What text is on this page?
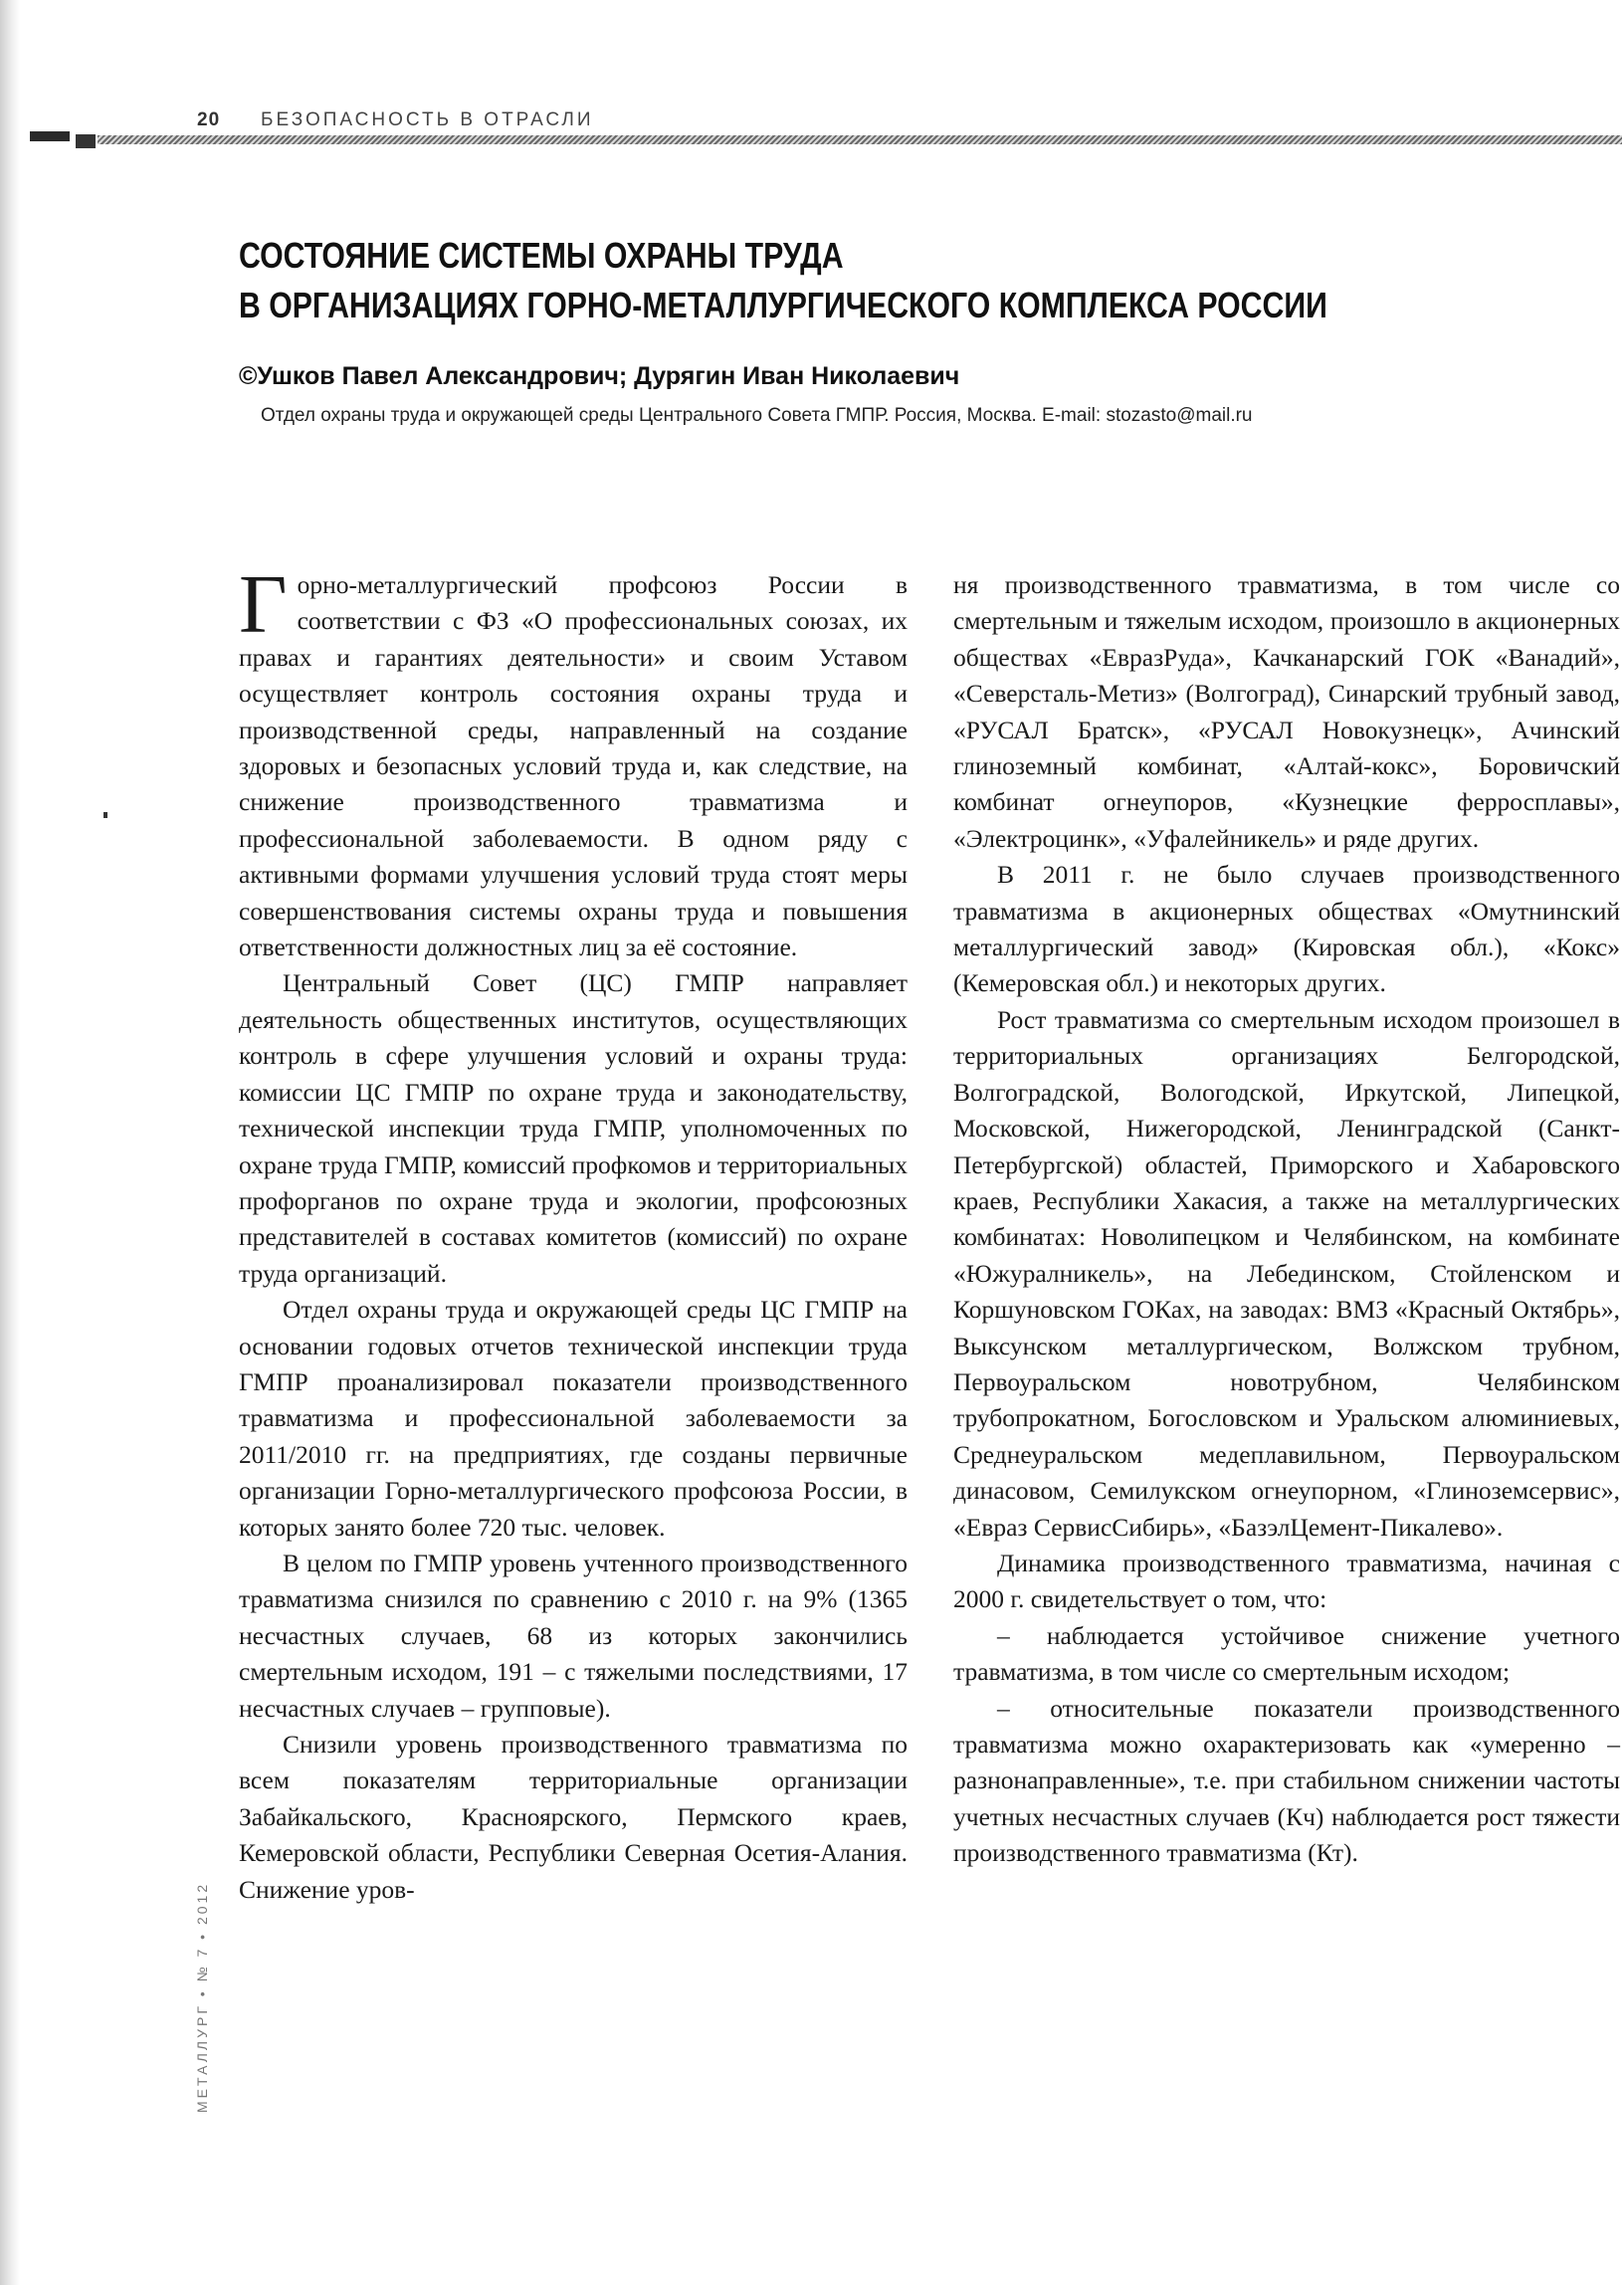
20 БЕЗОПАСНОСТЬ В ОТРАСЛИ
СОСТОЯНИЕ СИСТЕМЫ ОХРАНЫ ТРУДА
В ОРГАНИЗАЦИЯХ ГОРНО-МЕТАЛЛУРГИЧЕСКОГО КОМПЛЕКСА РОССИИ
©Ушков Павел Александрович; Дурягин Иван Николаевич
Отдел охраны труда и окружающей среды Центрального Совета ГМПР. Россия, Москва. E-mail: stozasto@mail.ru

Горно-металлургический профсоюз России в соответствии с ФЗ «О профессиональных союзах, их правах и гарантиях деятельности» и своим Уставом осуществляет контроль состояния охраны труда и производственной среды, направленный на создание здоровых и безопасных условий труда и, как следствие, на снижение производственного травматизма и профессиональной заболеваемости. В одном ряду с активными формами улучшения условий труда стоят меры совершенствования системы охраны труда и повышения ответственности должностных лиц за её состояние.

Центральный Совет (ЦС) ГМПР направляет деятельность общественных институтов, осуществляющих контроль в сфере улучшения условий и охраны труда: комиссии ЦС ГМПР по охране труда и законодательству, технической инспекции труда ГМПР, уполномоченных по охране труда ГМПР, комиссий профкомов и территориальных профорганов по охране труда и экологии, профсоюзных представителей в составах комитетов (комиссий) по охране труда организаций.

Отдел охраны труда и окружающей среды ЦС ГМПР на основании годовых отчетов технической инспекции труда ГМПР проанализировал показатели производственного травматизма и профессиональной заболеваемости за 2011/2010 гг. на предприятиях, где созданы первичные организации Горно-металлургического профсоюза России, в которых занято более 720 тыс. человек.

В целом по ГМПР уровень учтенного производственного травматизма снизился по сравнению с 2010 г. на 9% (1365 несчастных случаев, 68 из которых закончились смертельным исходом, 191 – с тяжелыми последствиями, 17 несчастных случаев – групповые).

Снизили уровень производственного травматизма по всем показателям территориальные организации Забайкальского, Красноярского, Пермского краев, Кемеровской области, Республики Северная Осетия-Алания. Снижение уров-

ня производственного травматизма, в том числе со смертельным и тяжелым исходом, произошло в акционерных обществах «ЕвразРуда», Качканарский ГОК «Ванадий», «Северсталь-Метиз» (Волгоград), Синарский трубный завод, «РУСАЛ Братск», «РУСАЛ Новокузнецк», Ачинский глиноземный комбинат, «Алтай-кокс», Боровичский комбинат огнеупоров, «Кузнецкие ферросплавы», «Электроцинк», «Уфалейникель» и ряде других.

В 2011 г. не было случаев производственного травматизма в акционерных обществах «Омутнинский металлургический завод» (Кировская обл.), «Кокс» (Кемеровская обл.) и некоторых других.

Рост травматизма со смертельным исходом произошел в территориальных организациях Белгородской, Волгоградской, Вологодской, Иркутской, Липецкой, Московской, Нижегородской, Ленинградской (Санкт-Петербургской) областей, Приморского и Хабаровского краев, Республики Хакасия, а также на металлургических комбинатах: Новолипецком и Челябинском, на комбинате «Южуралникель», на Лебединском, Стойленском и Коршуновском ГОКах, на заводах: ВМЗ «Красный Октябрь», Выксунском металлургическом, Волжском трубном, Первоуральском новотрубном, Челябинском трубопрокатном, Богословском и Уральском алюминиевых, Среднеуральском медеплавильном, Первоуральском динасовом, Семилукском огнеупорном, «Глиноземсервис», «Евраз СервисСибирь», «БазэлЦемент-Пикалево».

Динамика производственного травматизма, начиная с 2000 г. свидетельствует о том, что:

– наблюдается устойчивое снижение учетного травматизма, в том числе со смертельным исходом;

– относительные показатели производственного травматизма можно охарактеризовать как «умеренно – разнонаправленные», т.е. при стабильном снижении частоты учетных несчастных случаев (Кч) наблюдается рост тяжести производственного травматизма (Кт).

МЕТАЛЛУРГ • № 7 • 2012
